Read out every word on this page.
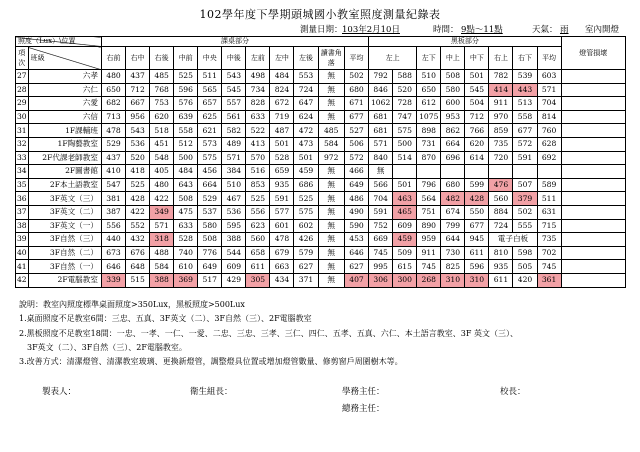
102學年度下學期頭城國小教室照度測量紀錄表
測量日期： 103年2月10日	時間： 9點～11點	天氣： 雨 室內開燈
照度（Lux）\位置		課桌部分											黑板部分								燈管損壞
項次	班級	右前	右中	右後	中前	中央	中後	左前	左中	左後	讀書角落	平均	左上		左下	中上	中下	右上	右下	平均	
27	六孝	480	437	485	525	511	543	498	484	553	無	502	792	588	510	508	501	782	539	603	
28	六仁	650	712	768	596	565	545	734	824	724	無	680	846	520	650	580	545	414	443	571	
29	六愛	682	667	753	576	657	557	828	672	647	無	671	1062	728	612	600	504	911	513	704	
30	六信	713	956	620	639	625	561	633	719	624	無	677	681	747	1075	953	712	970	558	814	
31	1F課輔班	478	543	518	558	621	582	522	487	472	485	527	681	575	898	862	766	859	677	760	
32	1F陶藝教室	529	536	451	512	573	489	413	501	473	584	506	571	500	731	664	620	735	572	628	
33	2F代課老師教室	437	520	548	500	575	571	570	528	501	972	572	840	514	870	696	614	720	591	692	
34	2F圖書館	410	418	405	484	456	384	516	659	459	無	466	無								
35	2F本土語教室	547	525	480	643	664	510	853	935	686	無	649	566	501	796	680	599	476	507	589	
36	3F英文（三）	381	428	422	508	529	467	525	591	525	無	486	704	463	564	482	428	560	379	511	
37	3F英文（二）	387	422	349	475	537	536	556	577	575	無	490	591	465	751	674	550	884	502	631	
38	3F英文（一）	556	552	571	633	580	595	623	601	602	無	590	752	609	890	799	677	724	555	715	
39	3F自然（三）	440	432	318	528	508	388	560	478	426	無	453	669	459	959	644	945	電子白板		735	
40	3F自然（二）	673	676	488	740	776	544	658	679	579	無	646	745	509	911	730	611	810	598	702	
41	3F自然（一）	646	648	584	610	649	609	611	663	627	無	627	995	615	745	825	596	935	505	745	
42	2F電腦教室	339	515	388	369	517	429	305	434	371	無	407	306	300	268	310	310	611	420	361	
說明：教室內照度標準桌面照度>350Lux，黑板照度>500Lux
1.桌面照度不足教室6間：三忠、五真、3F英文（二）、3F自然（三）、2F電腦教室
2.黑板照度不足教室18間：一忠、一孝、一仁、一愛、二忠、三忠、三孝、三仁、四仁、五孝、五真、六仁、本土語言教室、3F 英文（三）、
　3F英文（二）、3F自然（三）、2F電腦教室。
3.改善方式：清潔燈管、清潔教室玻璃、更換新燈管，調整燈具位置或增加燈管數量、修剪窗戶周圍樹木等。
製表人：	衛生組長：	學務主任：	校長：
總務主任：
